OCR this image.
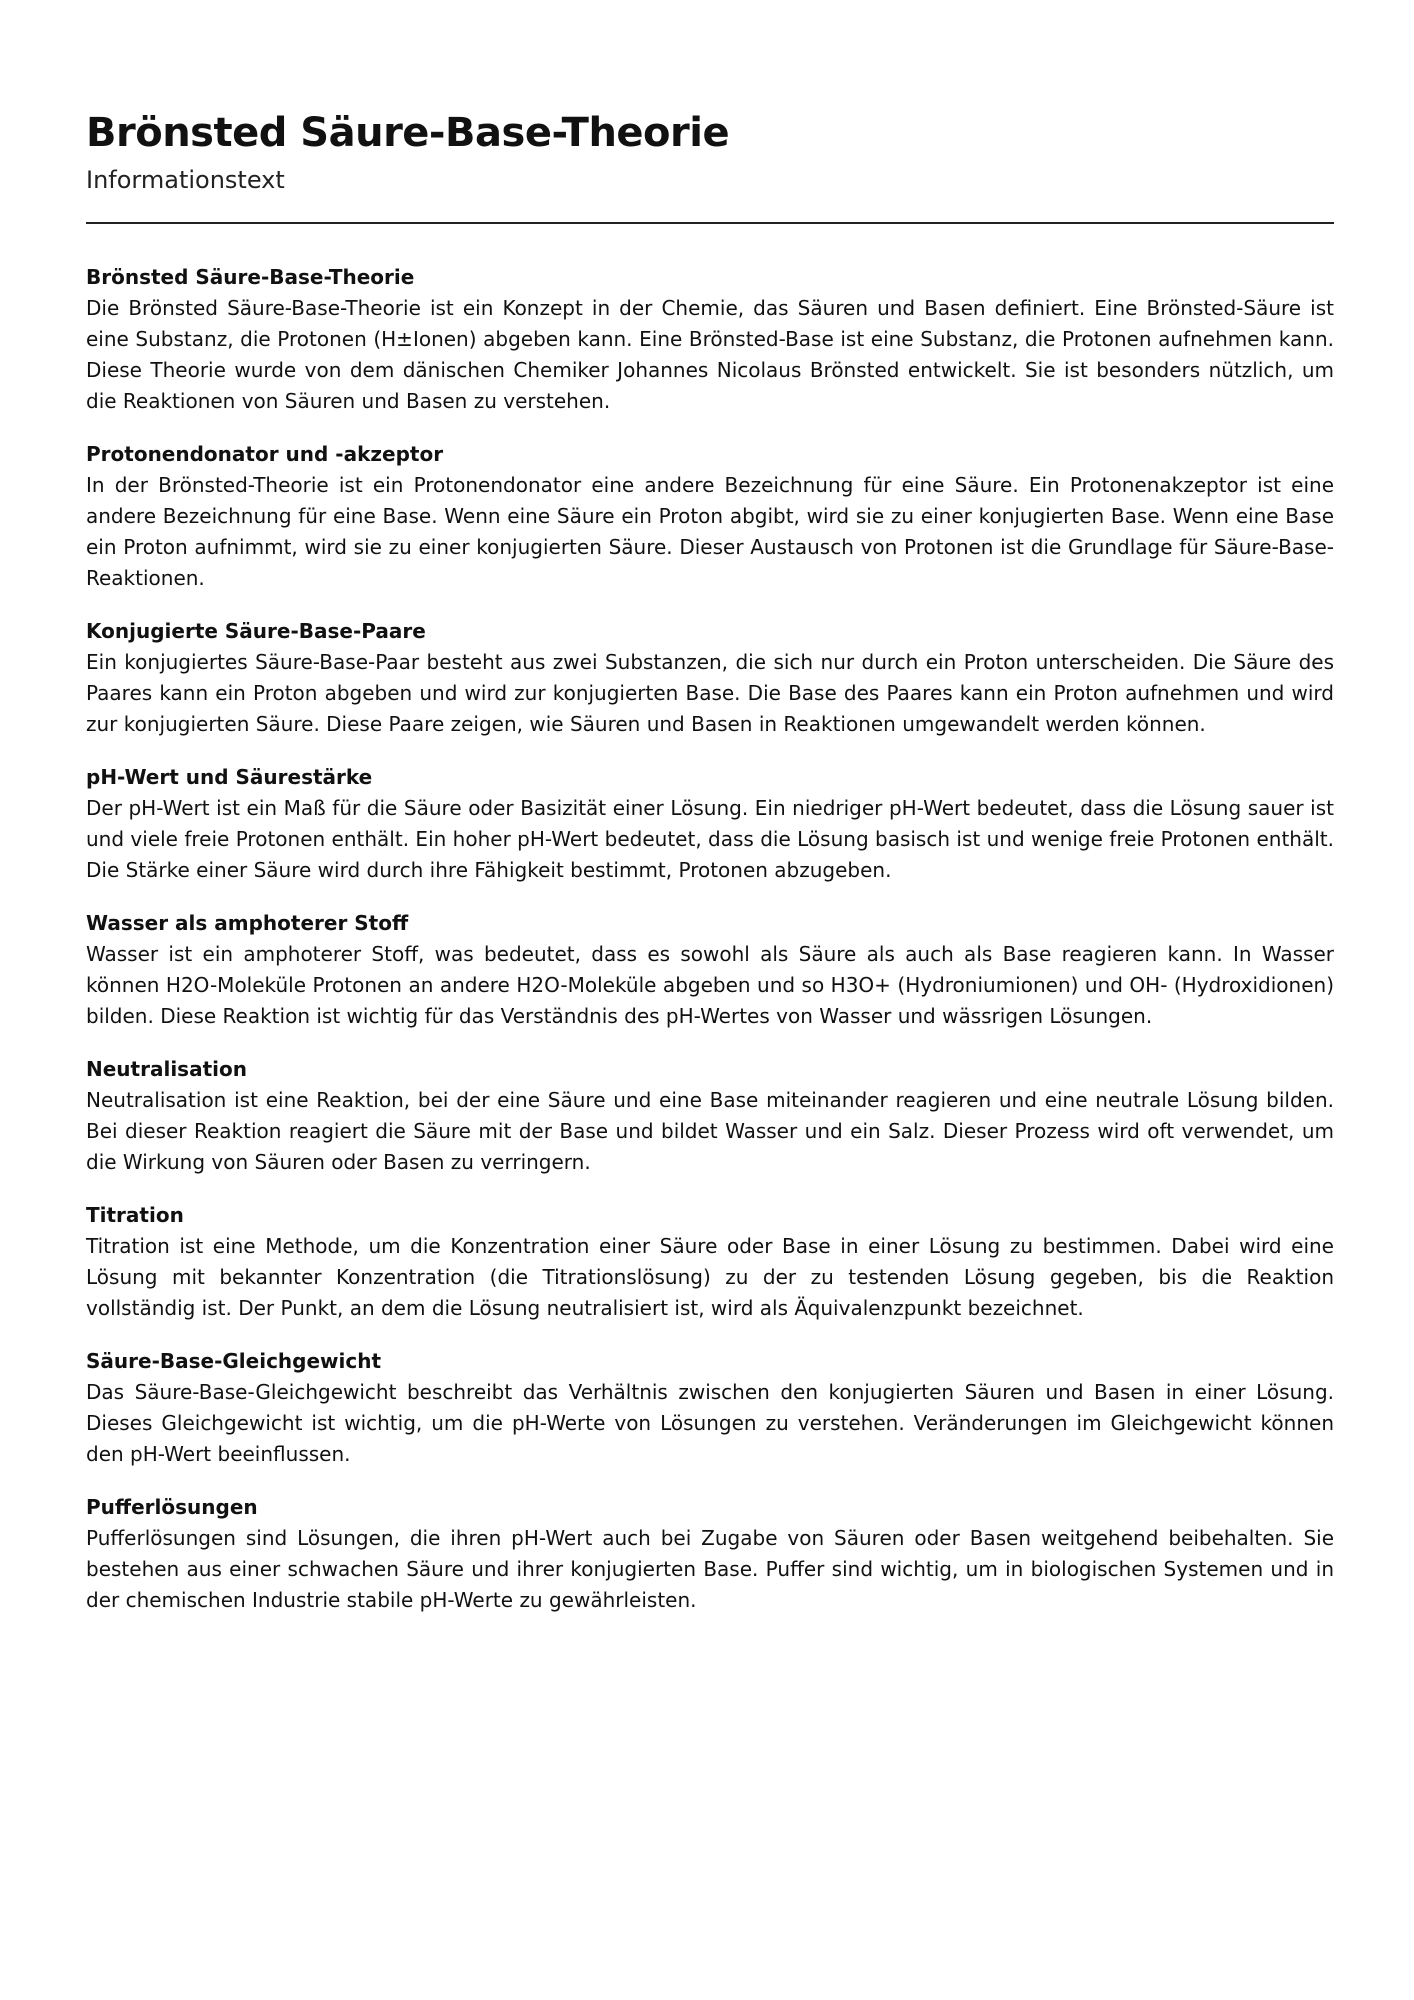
Brönsted Säure-Base-Theorie
Informationstext
Brönsted Säure-Base-Theorie

Die Brönsted Säure-Base-Theorie ist ein Konzept in der Chemie, das Säuren und Basen definiert. Eine Brönsted-Säure ist eine Substanz, die Protonen (H±Ionen) abgeben kann. Eine Brönsted-Base ist eine Substanz, die Protonen aufnehmen kann. Diese Theorie wurde von dem dänischen Chemiker Johannes Nicolaus Brönsted entwickelt. Sie ist besonders nützlich, um die Reaktionen von Säuren und Basen zu verstehen.

Protonendonator und -akzeptor

In der Brönsted-Theorie ist ein Protonendonator eine andere Bezeichnung für eine Säure. Ein Protonenakzeptor ist eine andere Bezeichnung für eine Base. Wenn eine Säure ein Proton abgibt, wird sie zu einer konjugierten Base. Wenn eine Base ein Proton aufnimmt, wird sie zu einer konjugierten Säure. Dieser Austausch von Protonen ist die Grundlage für Säure-Base-Reaktionen.

Konjugierte Säure-Base-Paare

Ein konjugiertes Säure-Base-Paar besteht aus zwei Substanzen, die sich nur durch ein Proton unterscheiden. Die Säure des Paares kann ein Proton abgeben und wird zur konjugierten Base. Die Base des Paares kann ein Proton aufnehmen und wird zur konjugierten Säure. Diese Paare zeigen, wie Säuren und Basen in Reaktionen umgewandelt werden können.

pH-Wert und Säurestärke

Der pH-Wert ist ein Maß für die Säure oder Basizität einer Lösung. Ein niedriger pH-Wert bedeutet, dass die Lösung sauer ist und viele freie Protonen enthält. Ein hoher pH-Wert bedeutet, dass die Lösung basisch ist und wenige freie Protonen enthält. Die Stärke einer Säure wird durch ihre Fähigkeit bestimmt, Protonen abzugeben.

Wasser als amphoterer Stoff

Wasser ist ein amphoterer Stoff, was bedeutet, dass es sowohl als Säure als auch als Base reagieren kann. In Wasser können H2O-Moleküle Protonen an andere H2O-Moleküle abgeben und so H3O+ (Hydroniumionen) und OH- (Hydroxidionen) bilden. Diese Reaktion ist wichtig für das Verständnis des pH-Wertes von Wasser und wässrigen Lösungen.

Neutralisation

Neutralisation ist eine Reaktion, bei der eine Säure und eine Base miteinander reagieren und eine neutrale Lösung bilden. Bei dieser Reaktion reagiert die Säure mit der Base und bildet Wasser und ein Salz. Dieser Prozess wird oft verwendet, um die Wirkung von Säuren oder Basen zu verringern.

Titration

Titration ist eine Methode, um die Konzentration einer Säure oder Base in einer Lösung zu bestimmen. Dabei wird eine Lösung mit bekannter Konzentration (die Titrationslösung) zu der zu testenden Lösung gegeben, bis die Reaktion vollständig ist. Der Punkt, an dem die Lösung neutralisiert ist, wird als Äquivalenzpunkt bezeichnet.

Säure-Base-Gleichgewicht

Das Säure-Base-Gleichgewicht beschreibt das Verhältnis zwischen den konjugierten Säuren und Basen in einer Lösung. Dieses Gleichgewicht ist wichtig, um die pH-Werte von Lösungen zu verstehen. Veränderungen im Gleichgewicht können den pH-Wert beeinflussen.

Pufferlösungen

Pufferlösungen sind Lösungen, die ihren pH-Wert auch bei Zugabe von Säuren oder Basen weitgehend beibehalten. Sie bestehen aus einer schwachen Säure und ihrer konjugierten Base. Puffer sind wichtig, um in biologischen Systemen und in der chemischen Industrie stabile pH-Werte zu gewährleisten.
